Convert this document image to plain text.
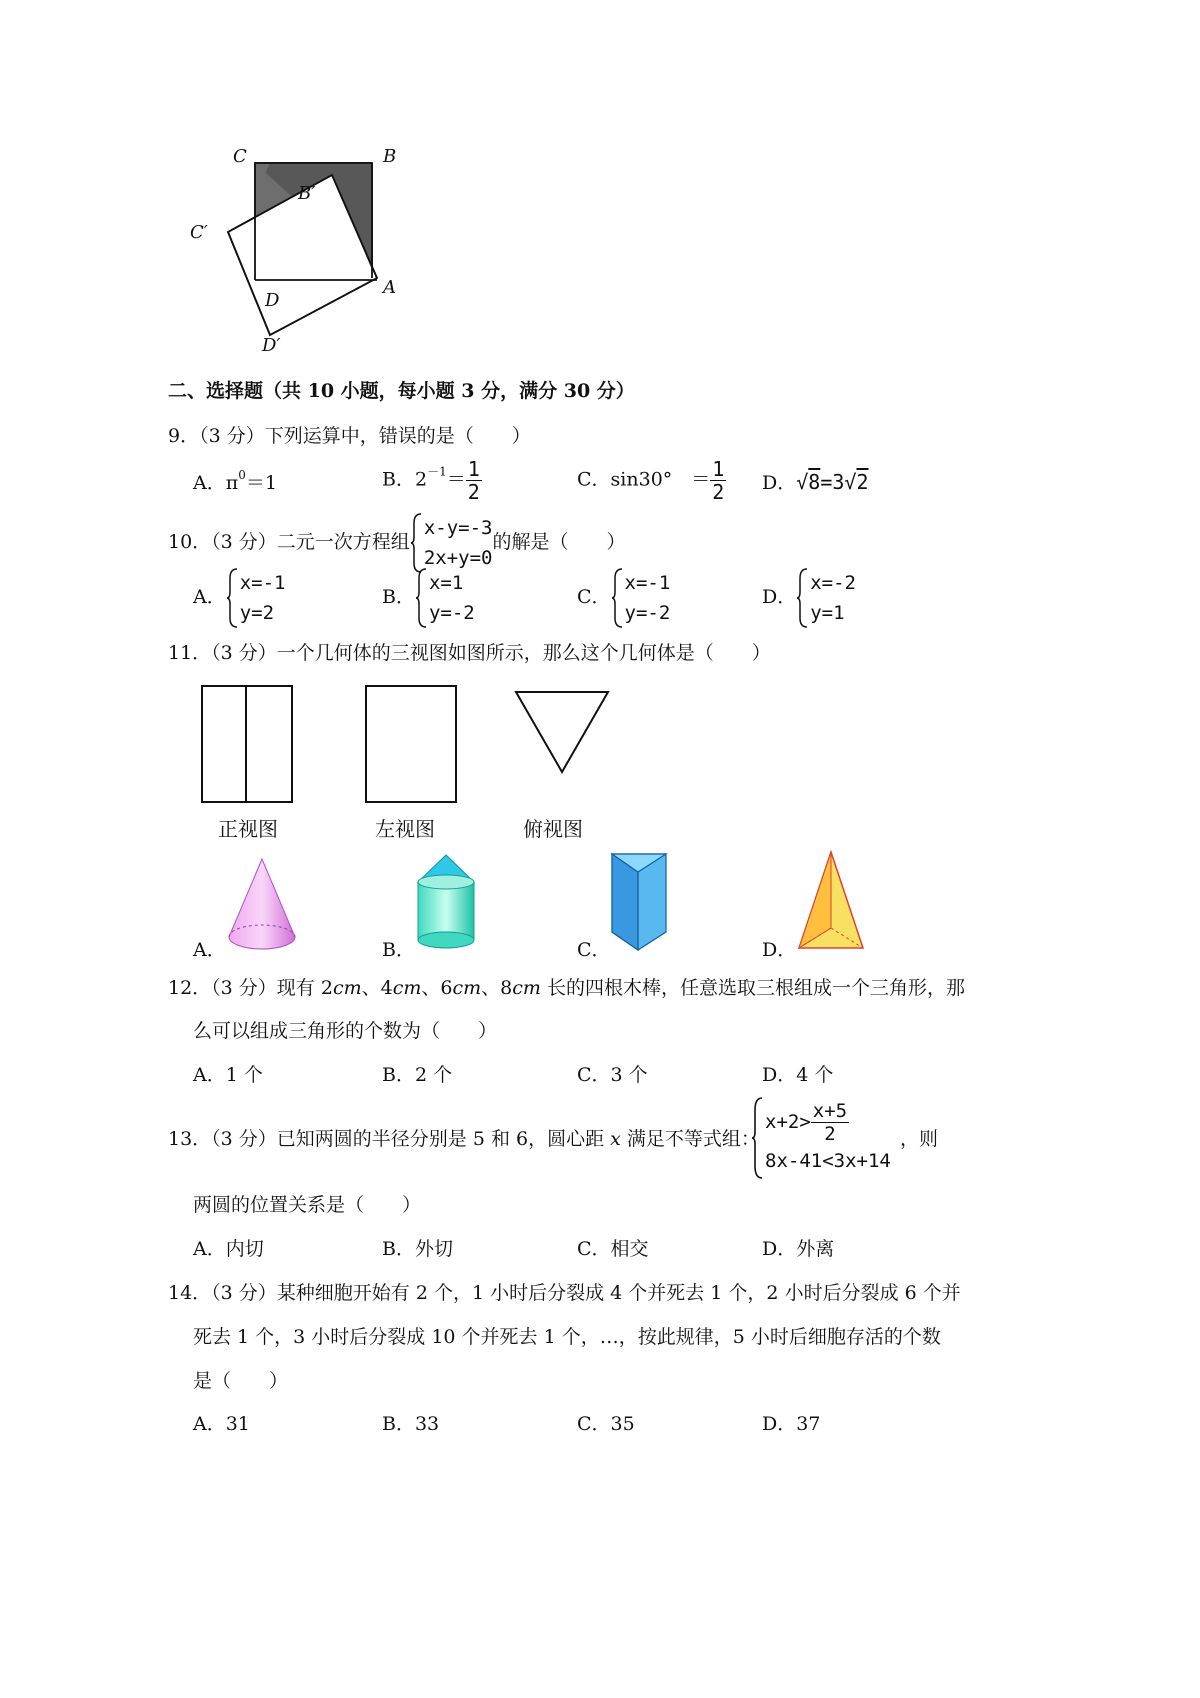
C	B
B′
C′
A
D
D′
二、选择题（共 10 小题，每小题 3 分，满分 30 分）
9．（3 分）下列运算中，错误的是（　　）
A．$\pi^0=1$	B．$2^{-1}= \frac{1}{2}$	C．sin30°　＝ $\frac{1}{2}$ D．√8=3√2
10．（3 分）二元一次方程组
x-y=-3
2x+y=0
的解是（　　）
A．
x=-1
y=2
B．
x=1
y=-2
C．
x=-1
y=-2
D．
x=-2
y=1
11．（3 分）一个几何体的三视图如图所示，那么这个几何体是（　　）
正视图	左视图	俯视图
A．	B．	C．	D．
12．（3 分）现有 2cm、4cm、6cm、8cm 长的四根木棒，任意选取三根组成一个三角形，那
么可以组成三角形的个数为（　　）
A．1 个	B．2 个	C．3 个	D．4 个
13．（3 分）已知两圆的半径分别是 5 和 6，圆心距 x 满足不等式组：
$x+2> \frac{x+5}{2}$
8x-41<3x+14
，则
两圆的位置关系是（　　）
A．内切	B．外切	C．相交	D．外离
14．（3 分）某种细胞开始有 2 个，1 小时后分裂成 4 个并死去 1 个，2 小时后分裂成 6 个并
死去 1 个，3 小时后分裂成 10 个并死去 1 个，…，按此规律，5 小时后细胞存活的个数
是（　　）
A．31	B．33	C．35	D．37
